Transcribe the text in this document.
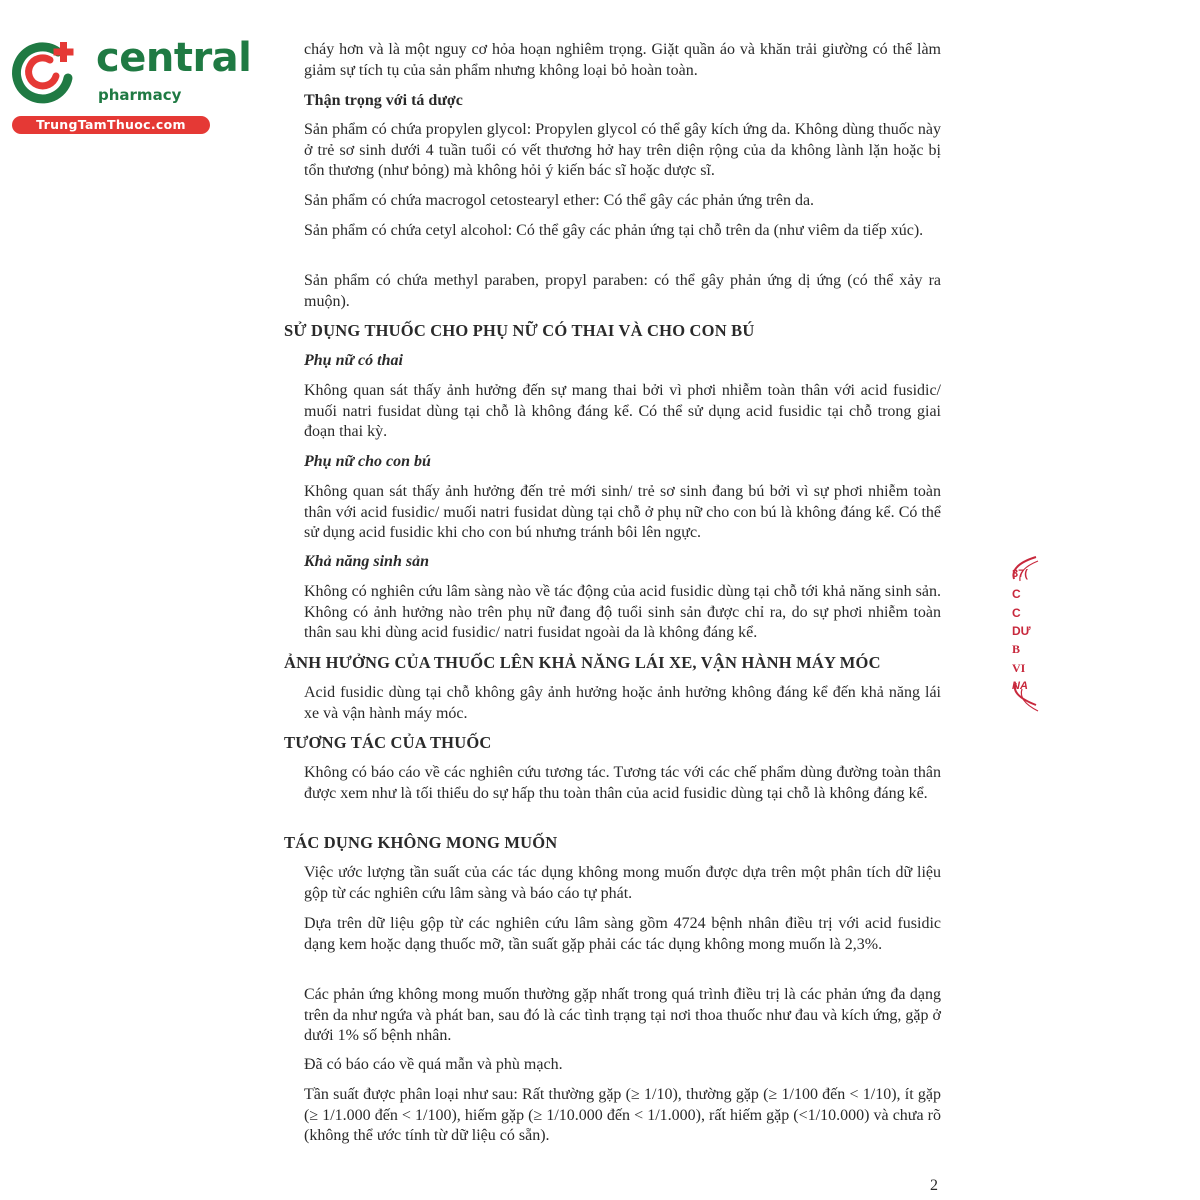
central
pharmacy
TrungTamThuoc.com

cháy hơn và là một nguy cơ hỏa hoạn nghiêm trọng. Giặt quần áo và khăn trải giường có thể làm giảm sự tích tụ của sản phẩm nhưng không loại bỏ hoàn toàn.

Thận trọng với tá dược

Sản phẩm có chứa propylen glycol: Propylen glycol có thể gây kích ứng da. Không dùng thuốc này ở trẻ sơ sinh dưới 4 tuần tuổi có vết thương hở hay trên diện rộng của da không lành lặn hoặc bị tổn thương (như bỏng) mà không hỏi ý kiến bác sĩ hoặc dược sĩ.

Sản phẩm có chứa macrogol cetostearyl ether: Có thể gây các phản ứng trên da.

Sản phẩm có chứa cetyl alcohol: Có thể gây các phản ứng tại chỗ trên da (như viêm da tiếp xúc).

Sản phẩm có chứa methyl paraben, propyl paraben: có thể gây phản ứng dị ứng (có thể xảy ra muộn).

SỬ DỤNG THUỐC CHO PHỤ NỮ CÓ THAI VÀ CHO CON BÚ

Phụ nữ có thai

Không quan sát thấy ảnh hưởng đến sự mang thai bởi vì phơi nhiễm toàn thân với acid fusidic/ muối natri fusidat dùng tại chỗ là không đáng kể. Có thể sử dụng acid fusidic tại chỗ trong giai đoạn thai kỳ.

Phụ nữ cho con bú

Không quan sát thấy ảnh hưởng đến trẻ mới sinh/ trẻ sơ sinh đang bú bởi vì sự phơi nhiễm toàn thân với acid fusidic/ muối natri fusidat dùng tại chỗ ở phụ nữ cho con bú là không đáng kể. Có thể sử dụng acid fusidic khi cho con bú nhưng tránh bôi lên ngực.

Khả năng sinh sản

Không có nghiên cứu lâm sàng nào về tác động của acid fusidic dùng tại chỗ tới khả năng sinh sản. Không có ảnh hưởng nào trên phụ nữ đang độ tuổi sinh sản được chỉ ra, do sự phơi nhiễm toàn thân sau khi dùng acid fusidic/ natri fusidat ngoài da là không đáng kể.

ẢNH HƯỞNG CỦA THUỐC LÊN KHẢ NĂNG LÁI XE, VẬN HÀNH MÁY MÓC

Acid fusidic dùng tại chỗ không gây ảnh hưởng hoặc ảnh hưởng không đáng kể đến khả năng lái xe và vận hành máy móc.

TƯƠNG TÁC CỦA THUỐC

Không có báo cáo về các nghiên cứu tương tác. Tương tác với các chế phẩm dùng đường toàn thân được xem như là tối thiểu do sự hấp thu toàn thân của acid fusidic dùng tại chỗ là không đáng kể.

TÁC DỤNG KHÔNG MONG MUỐN

Việc ước lượng tần suất của các tác dụng không mong muốn được dựa trên một phân tích dữ liệu gộp từ các nghiên cứu lâm sàng và báo cáo tự phát.

Dựa trên dữ liệu gộp từ các nghiên cứu lâm sàng gồm 4724 bệnh nhân điều trị với acid fusidic dạng kem hoặc dạng thuốc mỡ, tần suất gặp phải các tác dụng không mong muốn là 2,3%.

Các phản ứng không mong muốn thường gặp nhất trong quá trình điều trị là các phản ứng đa dạng trên da như ngứa và phát ban, sau đó là các tình trạng tại nơi thoa thuốc như đau và kích ứng, gặp ở dưới 1% số bệnh nhân.

Đã có báo cáo về quá mẫn và phù mạch.

Tần suất được phân loại như sau: Rất thường gặp (≥ 1/10), thường gặp (≥ 1/100 đến < 1/10), ít gặp (≥ 1/1.000 đến < 1/100), hiếm gặp (≥ 1/10.000 đến < 1/1.000), rất hiếm gặp (<1/10.000) và chưa rõ (không thể ước tính từ dữ liệu có sẵn).

2
37(
C
C
DƯ
B
VI
NA
